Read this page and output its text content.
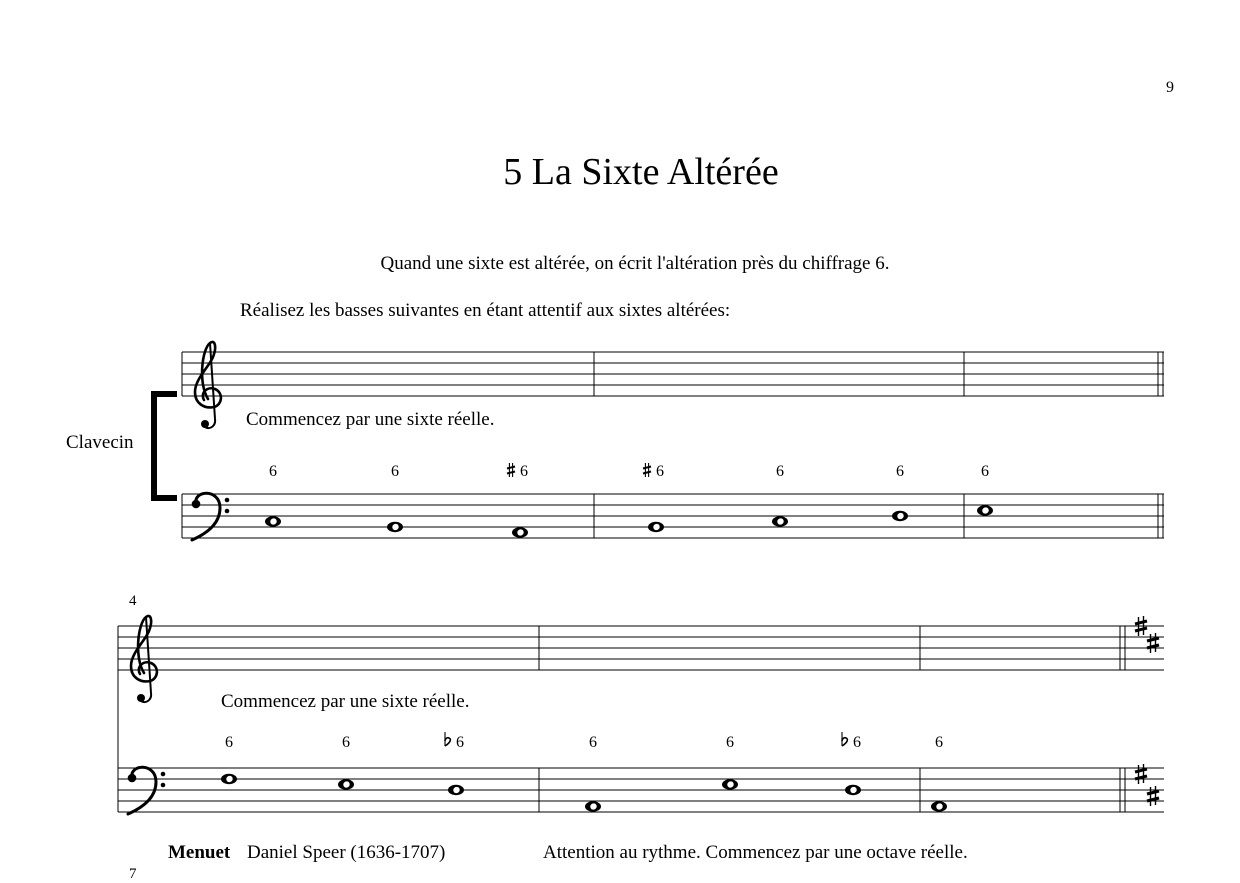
9
5 La Sixte Altérée
Quand une sixte est altérée, on écrit l'altération près du chiffrage 6.
Réalisez les basses suivantes en étant attentif aux sixtes altérées:
Clavecin
Commencez par une sixte réelle.
4
Commencez par une sixte réelle.
Menuet Daniel Speer (1636-1707)	Attention au rythme. Commencez par une octave réelle.
7
6	6	6	6	6	6	6
6	6	6	6	6	6	6
